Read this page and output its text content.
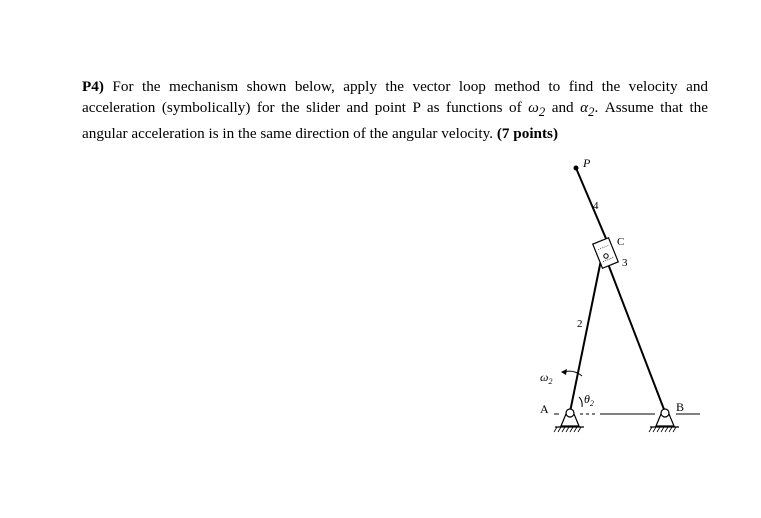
P4) For the mechanism shown below, apply the vector loop method to find the velocity and acceleration (symbolically) for the slider and point P as functions of $\omega_2$ and $\alpha_2$. Assume that the angular acceleration is in the same direction of the angular velocity. (7 points)
P
4
C
3
2
A	B
$\omega_2$
$\theta_2$
